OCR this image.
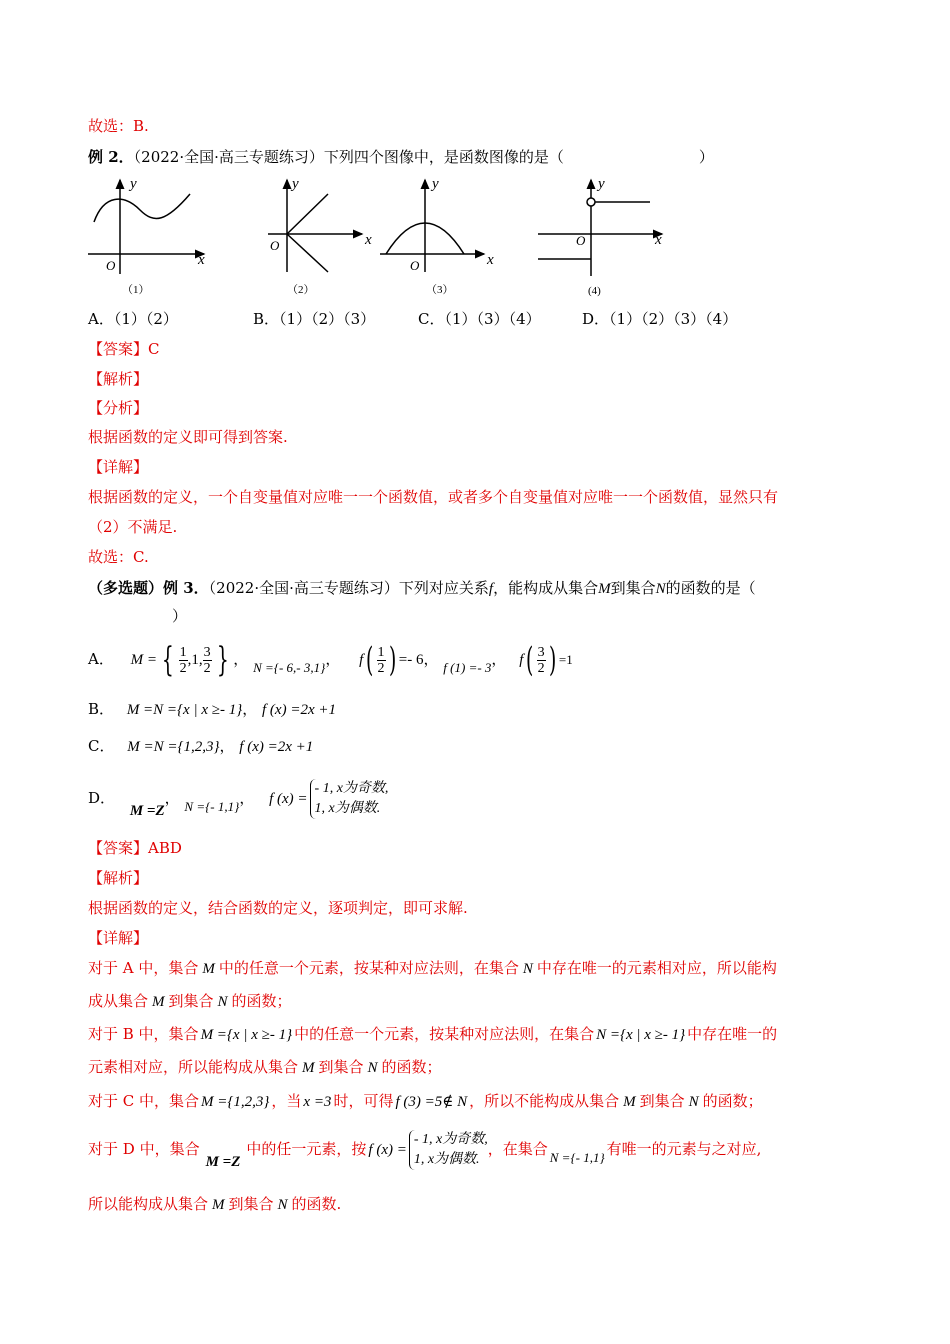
故选：B.
例 2．（2022·全国·高三专题练习）下列四个图像中，是函数图像的是（　　　　　　　　　）
y
x
O
（1）
y
x
O
（2）
y
x
O
（3）
y
x
O
(4)
A．（1）（2）	B．（1）（2）（3）	C．（1）（3）（4）	D．（1）（2）（3）（4）
【答案】C
【解析】
【分析】
根据函数的定义即可得到答案.
【详解】
根据函数的定义，一个自变量值对应唯一一个函数值，或者多个自变量值对应唯一一个函数值，显然只有
（2）不满足.
故选：C.
（多选题）例 3．（2022·全国·高三专题练习）下列对应关系f，能构成从集合M到集合N的函数的是（
）
A． M = { $\frac{1}{2} ,1$, $\frac{3}{2}$ } ， N ={- 6,- 3,1}， $f( \frac{1}{2}$ ) =- 6， f (1) =- 3， $f( \frac{3}{2}$ ) =1
B． M =N ={x | x ≥- 1}， f (x) =2x +1
C． M =N ={1,2,3}， f (x) =2x +1
D． M =Z， N ={- 1,1}， f (x) =
- 1, x为奇数,
1, x为偶数.
【答案】ABD
【解析】
根据函数的定义，结合函数的定义，逐项判定，即可求解.
【详解】
对于 A 中，集合 M 中的任意一个元素，按某种对应法则，在集合 N 中存在唯一的元素相对应，所以能构
成从集合 M 到集合 N 的函数；
对于 B 中，集合 M ={x | x ≥- 1} 中的任意一个元素，按某种对应法则，在集合 N ={x | x ≥- 1} 中存在唯一的
元素相对应，所以能构成从集合 M 到集合 N 的函数；
对于 C 中，集合 M ={1,2,3} ，当 x =3 时，可得 f (3) =5∉ N ，所以不能构成从集合 M 到集合 N 的函数；
对于 D 中，集合M =Z中的任一元素，按 f (x) =
- 1, x为奇数,
1, x为偶数.
，在集合 N ={- 1,1} 有唯一的元素与之对应,
所以能构成从集合 M 到集合 N 的函数.
